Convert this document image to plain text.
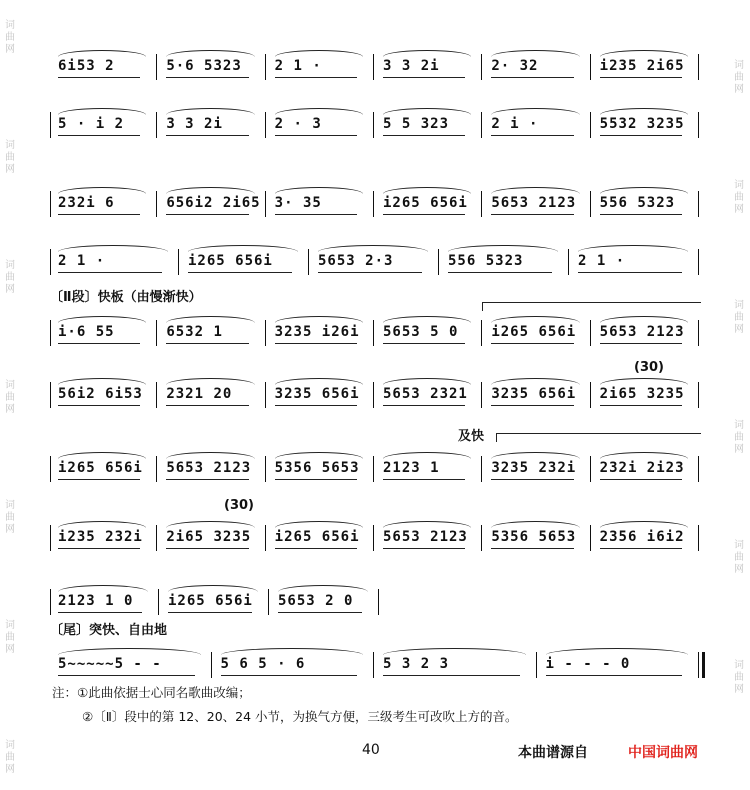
词曲网
词曲网
词曲网
词曲网
词曲网
词曲网
词曲网
词曲网
词曲网
词曲网
词曲网
词曲网
词曲网
〔Ⅱ段〕快板（由慢渐快）
及快
(30)
(30)
〔尾〕突快、自由地
6i53 2	5·6 5323 2 1 ·	3 3 2i	2· 32	i235 2i65
5 · i 2	3 3 2i	2 · 3	5 5 323	2 i ·	5532 3235
232i 6	656i2 2i65 3· 35	i265 656i 5653 2123 556 5323
2 1 ·	i265 656i	5653 2·3	556 5323	2 1 ·
i·6 55	6532 1	3235 i26i 5653 5 0 i265 656i 5653 2123
56i2 6i53 2321 20	3235 656i 5653 2321 3235 656i 2i65 3235
i265 656i 5653 2123 5356 5653 2123 1	3235 232i 232i 2i23
i235 232i 2i65 3235 i265 656i 5653 2123 5356 5653 2356 i6i2
2123 1 0 i265 656i 5653 2 0
5~~~~~5 - -	5 6 5 · 6	5 3 2 3	i - - - 0
注：①此曲依据士心同名歌曲改编；
②〔Ⅱ〕段中的第 12、20、24 小节，为换气方便，三级考生可改吹上方的音。
40	本曲谱源自	中国词曲网
